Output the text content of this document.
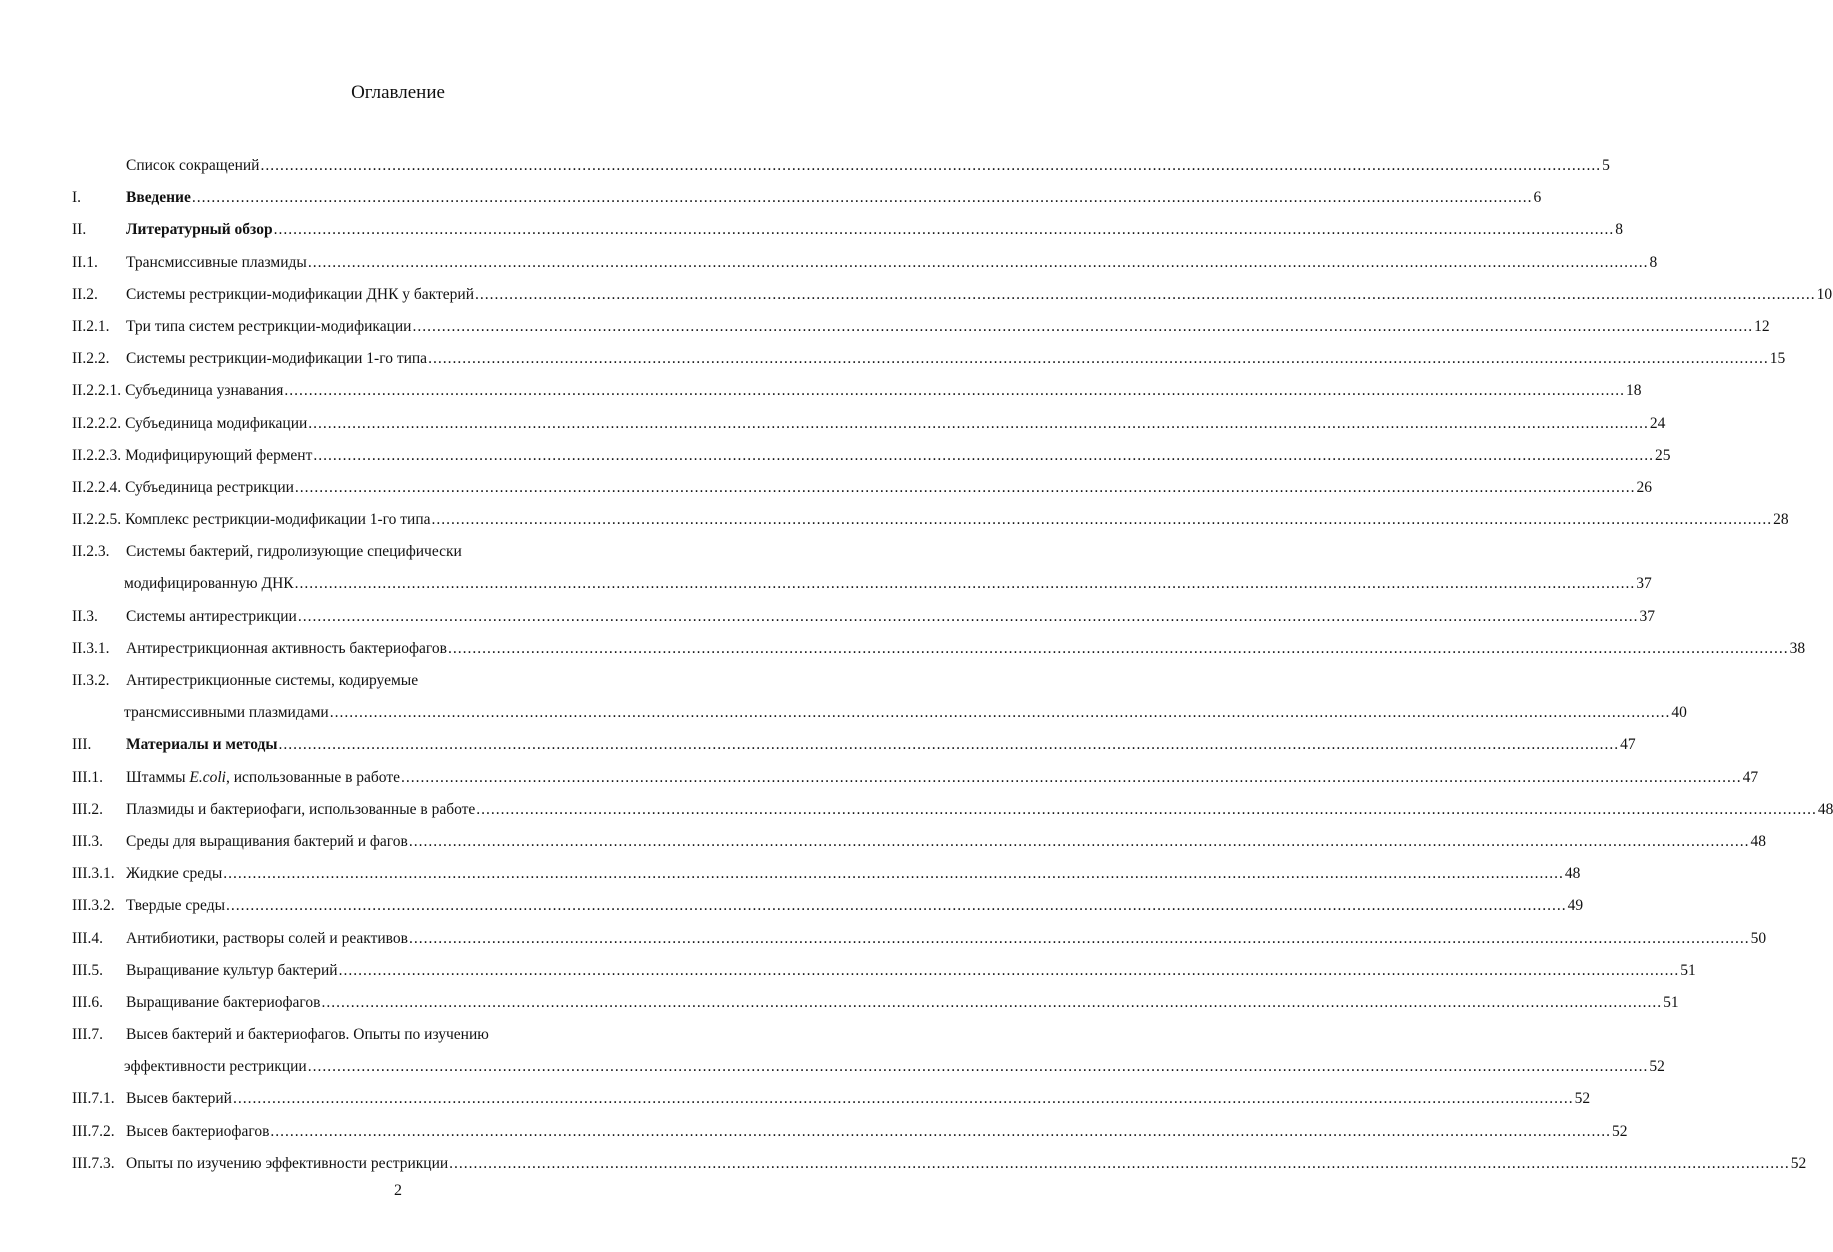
Оглавление
Список сокращений .....	5
I.	Введение .....	6
II.	Литературный обзор .....	8
II.1.	Трансмиссивные плазмиды .....	8
II.2.	Системы рестрикции-модификации ДНК у бактерий .....	10
II.2.1.	Три типа систем рестрикции-модификации .....	12
II.2.2.	Системы рестрикции-модификации 1-го типа .....	15
II.2.2.1. Субъединица узнавания .....	18
II.2.2.2. Субъединица модификации .....	24
II.2.2.3. Модифицирующий фермент .....	25
II.2.2.4. Субъединица рестрикции .....	26
II.2.2.5. Комплекс рестрикции-модификации 1-го типа .....	28
II.2.3.	Системы бактерий, гидролизующие специфически
модифицированную ДНК .....	37
II.3.	Системы антирестрикции .....	37
II.3.1.	Антирестрикционная активность бактериофагов .....	38
II.3.2.	Антирестрикционные системы, кодируемые
трансмиссивными плазмидами .....	40
III.	Материалы и методы .....	47
III.1.	Штаммы E.coli, использованные в работе .....	47
III.2.	Плазмиды и бактериофаги, использованные в работе .....	48
III.3.	Среды для выращивания бактерий и фагов .....	48
III.3.1. Жидкие среды .....	48
III.3.2. Твердые среды .....	49
III.4.	Антибиотики, растворы солей и реактивов .....	50
III.5.	Выращивание культур бактерий .....	51
III.6.	Выращивание бактериофагов .....	51
III.7.	Высев бактерий и бактериофагов. Опыты по изучению
эффективности рестрикции .....	52
III.7.1. Высев бактерий .....	52
III.7.2. Высев бактериофагов .....	52
III.7.3. Опыты по изучению эффективности рестрикции .....	52
2
